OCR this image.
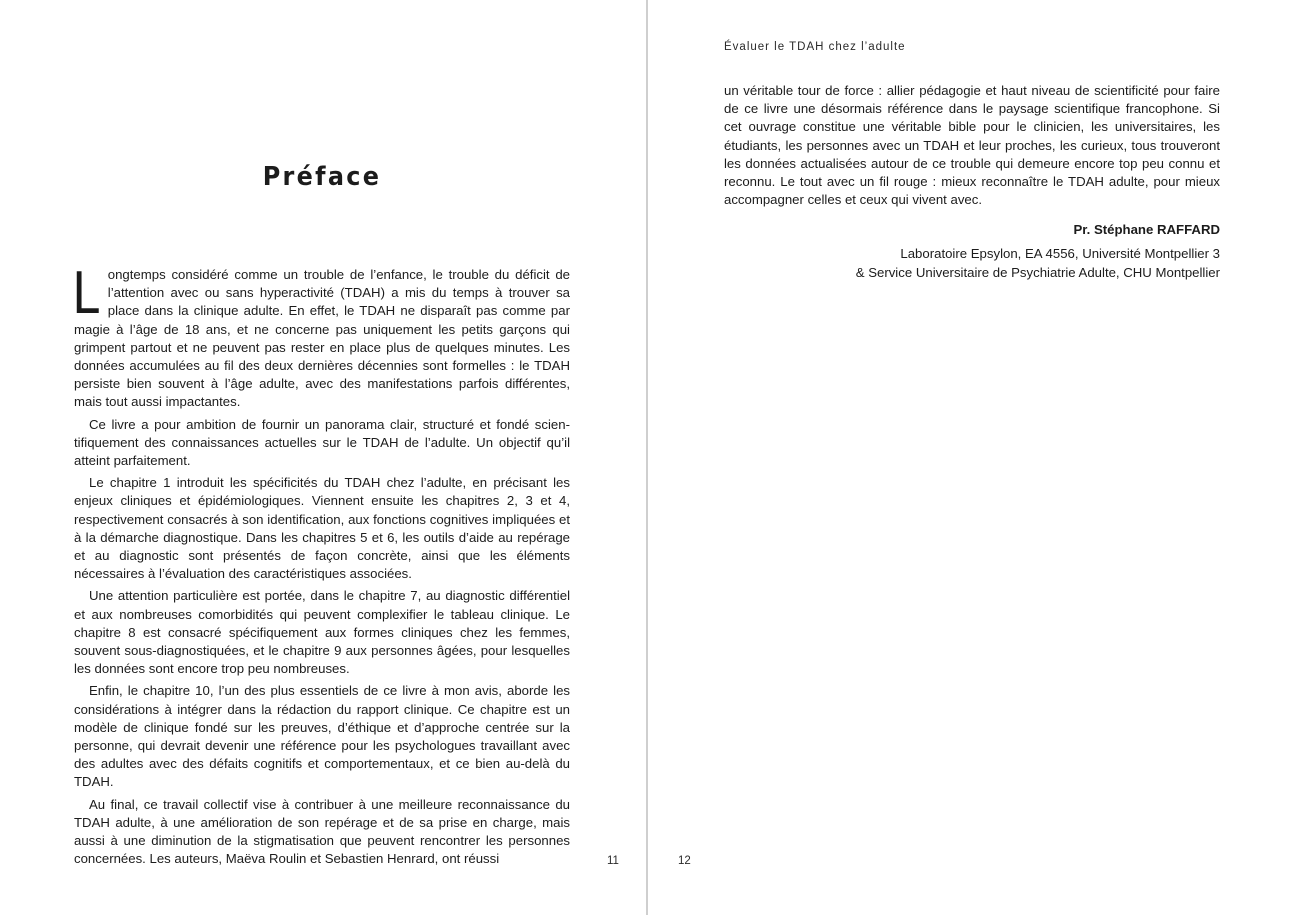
Préface

Longtemps considéré comme un trouble de l’enfance, le trouble du déficit de l’attention avec ou sans hyperactivité (TDAH) a mis du temps à trouver sa place dans la clinique adulte. En effet, le TDAH ne disparaît pas comme par magie à l’âge de 18 ans, et ne concerne pas uniquement les petits garçons qui grimpent partout et ne peuvent pas rester en place plus de quelques minutes. Les données accumulées au fil des deux dernières décennies sont formelles : le TDAH persiste bien souvent à l’âge adulte, avec des manifestations parfois différentes, mais tout aussi impactantes.

Ce livre a pour ambition de fournir un panorama clair, structuré et fondé scientifiquement des connaissances actuelles sur le TDAH de l’adulte. Un objectif qu’il atteint parfaitement.

Le chapitre 1 introduit les spécificités du TDAH chez l’adulte, en précisant les enjeux cliniques et épidémiologiques. Viennent ensuite les chapitres 2, 3 et 4, respectivement consacrés à son identification, aux fonctions cognitives impliquées et à la démarche diagnostique. Dans les chapitres 5 et 6, les outils d’aide au repérage et au diagnostic sont présentés de façon concrète, ainsi que les éléments nécessaires à l’évaluation des caractéristiques associées.

Une attention particulière est portée, dans le chapitre 7, au diagnostic différentiel et aux nombreuses comorbidités qui peuvent complexifier le tableau clinique. Le chapitre 8 est consacré spécifiquement aux formes cliniques chez les femmes, souvent sous-diagnostiquées, et le chapitre 9 aux personnes âgées, pour lesquelles les données sont encore trop peu nombreuses.

Enfin, le chapitre 10, l’un des plus essentiels de ce livre à mon avis, aborde les considérations à intégrer dans la rédaction du rapport clinique. Ce chapitre est un modèle de clinique fondé sur les preuves, d’éthique et d’approche centrée sur la personne, qui devrait devenir une référence pour les psychologues travaillant avec des adultes avec des défaits cognitifs et comportementaux, et ce bien au-delà du TDAH.

Au final, ce travail collectif vise à contribuer à une meilleure reconnaissance du TDAH adulte, à une amélioration de son repérage et de sa prise en charge, mais aussi à une diminution de la stigmatisation que peuvent rencontrer les personnes concernées. Les auteurs, Maëva Roulin et Sebastien Henrard, ont réussi	11
Évaluer le TDAH chez l’adulte

un véritable tour de force : allier pédagogie et haut niveau de scientificité pour faire de ce livre une désormais référence dans le paysage scientifique francophone. Si cet ouvrage constitue une véritable bible pour le clinicien, les universitaires, les étudiants, les personnes avec un TDAH et leur proches, les curieux, tous trouveront les données actualisées autour de ce trouble qui demeure encore top peu connu et reconnu. Le tout avec un fil rouge : mieux reconnaître le TDAH adulte, pour mieux accompagner celles et ceux qui vivent avec.

Pr. Stéphane RAFFARD

Laboratoire Epsylon, EA 4556, Université Montpellier 3

& Service Universitaire de Psychiatrie Adulte, CHU Montpellier

12
